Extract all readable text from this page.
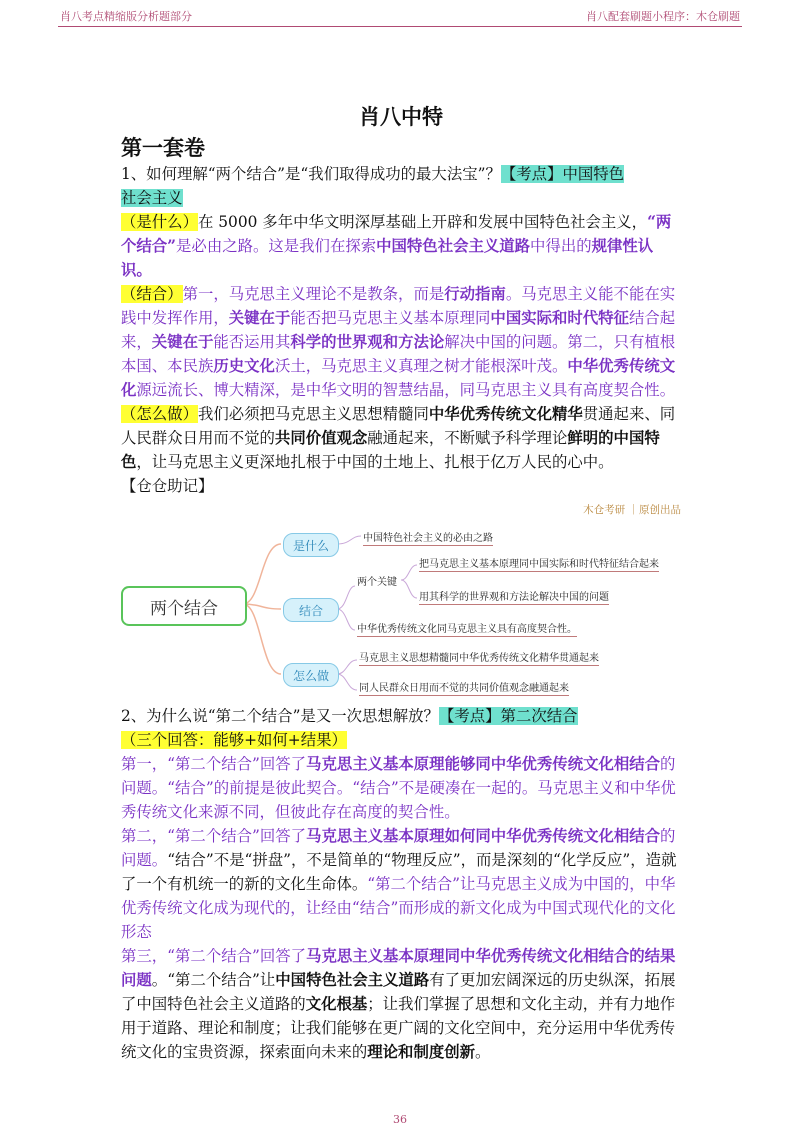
肖八考点精缩版分析题部分	肖八配套刷题小程序：木仓刷题
肖八中特
第一套卷

1、如何理解“两个结合”是“我们取得成功的最大法宝”？【考点】中国特色
社会主义

（是什么）在 5000 多年中华文明深厚基础上开辟和发展中国特色社会主义，“两个结合”是必由之路。这是我们在探索中国特色社会主义道路中得出的规律性认识。

（结合）第一，马克思主义理论不是教条，而是行动指南。马克思主义能不能在实践中发挥作用，关键在于能否把马克思主义基本原理同中国实际和时代特征结合起来，关键在于能否运用其科学的世界观和方法论解决中国的问题。第二，只有植根本国、本民族历史文化沃土，马克思主义真理之树才能根深叶茂。中华优秀传统文化源远流长、博大精深，是中华文明的智慧结晶，同马克思主义具有高度契合性。

（怎么做）我们必须把马克思主义思想精髓同中华优秀传统文化精华贯通起来、同人民群众日用而不觉的共同价值观念融通起来，不断赋予科学理论鲜明的中国特色，让马克思主义更深地扎根于中国的土地上、扎根于亿万人民的心中。

【仓仓助记】

木仓考研 ｜原创出品
两个结合
是什么
结合
怎么做
中国特色社会主义的必由之路
两个关键
把马克思主义基本原理同中国实际和时代特征结合起来
用其科学的世界观和方法论解决中国的问题
中华优秀传统文化同马克思主义具有高度契合性。
马克思主义思想精髓同中华优秀传统文化精华贯通起来
同人民群众日用而不觉的共同价值观念融通起来

2、为什么说“第二个结合”是又一次思想解放？【考点】第二次结合

（三个回答：能够+如何+结果）

第一，“第二个结合”回答了马克思主义基本原理能够同中华优秀传统文化相结合的问题。“结合”的前提是彼此契合。“结合”不是硬凑在一起的。马克思主义和中华优秀传统文化来源不同，但彼此存在高度的契合性。

第二，“第二个结合”回答了马克思主义基本原理如何同中华优秀传统文化相结合的问题。“结合”不是“拼盘”，不是简单的“物理反应”，而是深刻的“化学反应”，造就了一个有机统一的新的文化生命体。“第二个结合”让马克思主义成为中国的，中华优秀传统文化成为现代的，让经由“结合”而形成的新文化成为中国式现代化的文化形态

第三，“第二个结合”回答了马克思主义基本原理同中华优秀传统文化相结合的结果问题。“第二个结合”让中国特色社会主义道路有了更加宏阔深远的历史纵深，拓展了中国特色社会主义道路的文化根基；让我们掌握了思想和文化主动，并有力地作用于道路、理论和制度；让我们能够在更广阔的文化空间中，充分运用中华优秀传统文化的宝贵资源，探索面向未来的理论和制度创新。

36
